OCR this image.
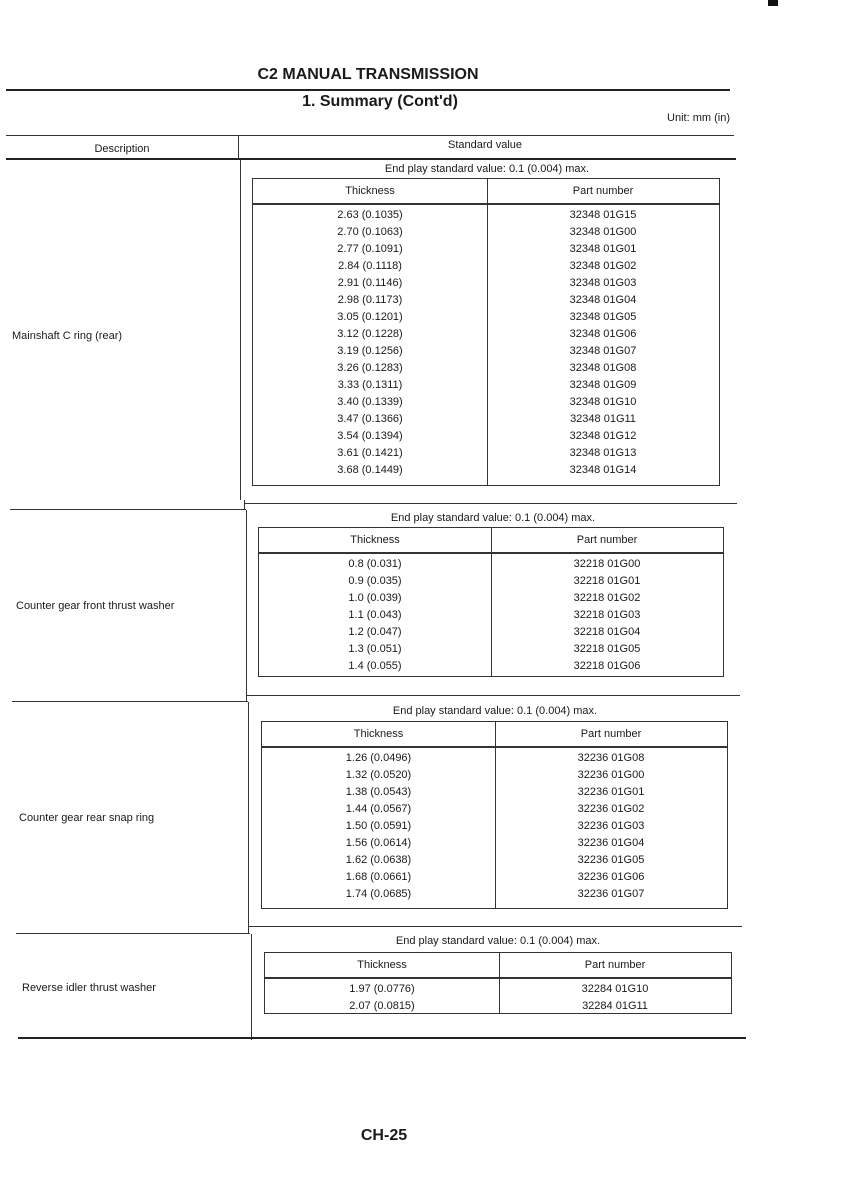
C2 MANUAL TRANSMISSION
1. Summary (Cont'd)
Unit: mm (in)
Description	Standard value
Mainshaft C ring (rear)
End play standard value: 0.1 (0.004) max.
Thickness	Part number
2.63 (0.1035)	32348 01G15
2.70 (0.1063)	32348 01G00
2.77 (0.1091)	32348 01G01
2.84 (0.1118)	32348 01G02
2.91 (0.1146)	32348 01G03
2.98 (0.1173)	32348 01G04
3.05 (0.1201)	32348 01G05
3.12 (0.1228)	32348 01G06
3.19 (0.1256)	32348 01G07
3.26 (0.1283)	32348 01G08
3.33 (0.1311)	32348 01G09
3.40 (0.1339)	32348 01G10
3.47 (0.1366)	32348 01G11
3.54 (0.1394)	32348 01G12
3.61 (0.1421)	32348 01G13
3.68 (0.1449)	32348 01G14
Counter gear front thrust washer
End play standard value: 0.1 (0.004) max.
Thickness	Part number
0.8 (0.031)	32218 01G00
0.9 (0.035)	32218 01G01
1.0 (0.039)	32218 01G02
1.1 (0.043)	32218 01G03
1.2 (0.047)	32218 01G04
1.3 (0.051)	32218 01G05
1.4 (0.055)	32218 01G06
Counter gear rear snap ring
End play standard value: 0.1 (0.004) max.
Thickness	Part number
1.26 (0.0496)	32236 01G08
1.32 (0.0520)	32236 01G00
1.38 (0.0543)	32236 01G01
1.44 (0.0567)	32236 01G02
1.50 (0.0591)	32236 01G03
1.56 (0.0614)	32236 01G04
1.62 (0.0638)	32236 01G05
1.68 (0.0661)	32236 01G06
1.74 (0.0685)	32236 01G07
Reverse idler thrust washer
End play standard value: 0.1 (0.004) max.
Thickness	Part number
1.97 (0.0776)	32284 01G10
2.07 (0.0815)	32284 01G11
CH-25
